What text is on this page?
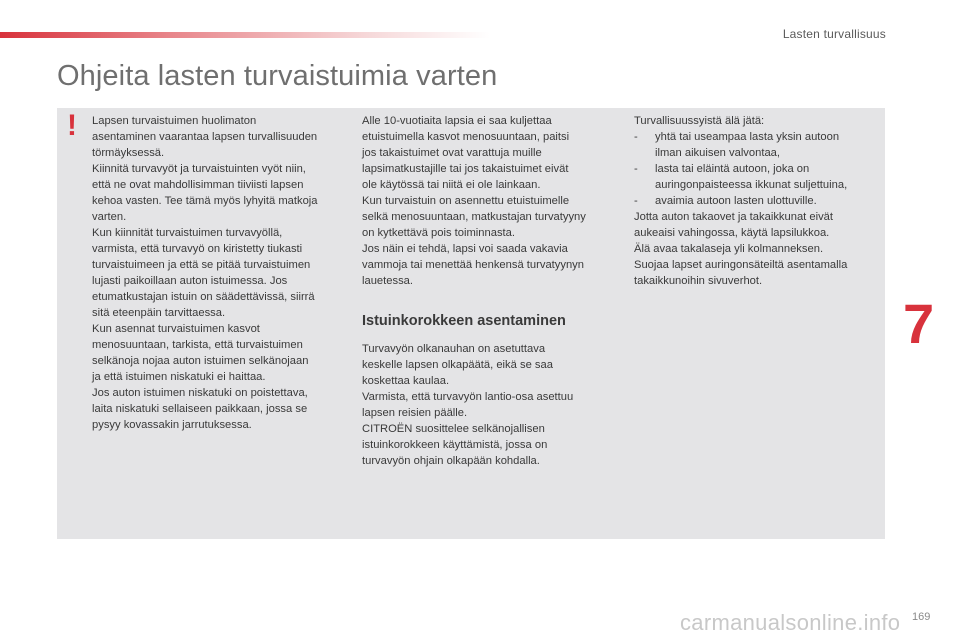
Lasten turvallisuus
Ohjeita lasten turvaistuimia varten
! Lapsen turvaistuimen huolimaton

asentaminen vaarantaa lapsen turvallisuuden

törmäyksessä.

Kiinnitä turvavyöt ja turvaistuinten vyöt niin,

että ne ovat mahdollisimman tiiviisti lapsen

kehoa vasten. Tee tämä myös lyhyitä matkoja

varten.

Kun kiinnität turvaistuimen turvavyöllä,

varmista, että turvavyö on kiristetty tiukasti

turvaistuimeen ja että se pitää turvaistuimen

lujasti paikoillaan auton istuimessa. Jos

etumatkustajan istuin on säädettävissä, siirrä

sitä eteenpäin tarvittaessa.

Kun asennat turvaistuimen kasvot

menosuuntaan, tarkista, että turvaistuimen

selkänoja nojaa auton istuimen selkänojaan

ja että istuimen niskatuki ei haittaa.

Jos auton istuimen niskatuki on poistettava,

laita niskatuki sellaiseen paikkaan, jossa se

pysyy kovassakin jarrutuksessa.

Alle 10-vuotiaita lapsia ei saa kuljettaa

etuistuimella kasvot menosuuntaan, paitsi

jos takaistuimet ovat varattuja muille

lapsimatkustajille tai jos takaistuimet eivät

ole käytössä tai niitä ei ole lainkaan.

Kun turvaistuin on asennettu etuistuimelle

selkä menosuuntaan, matkustajan turvatyyny

on kytkettävä pois toiminnasta.

Jos näin ei tehdä, lapsi voi saada vakavia

vammoja tai menettää henkensä turvatyynyn

lauetessa.

Istuinkorokkeen asentaminen

Turvavyön olkanauhan on asetuttava

keskelle lapsen olkapäätä, eikä se saa

koskettaa kaulaa.

Varmista, että turvavyön lantio-osa asettuu

lapsen reisien päälle.

CITROËN suosittelee selkänojallisen

istuinkorokkeen käyttämistä, jossa on

turvavyön ohjain olkapään kohdalla.

Turvallisuussyistä älä jätä:

- yhtä tai useampaa lasta yksin autoon

ilman aikuisen valvontaa,

- lasta tai eläintä autoon, joka on

auringonpaisteessa ikkunat suljettuina,

- avaimia autoon lasten ulottuville.

Jotta auton takaovet ja takaikkunat eivät

aukeaisi vahingossa, käytä lapsilukkoa.

Älä avaa takalaseja yli kolmanneksen.

Suojaa lapset auringonsäteiltä asentamalla

takaikkunoihin sivuverhot.

7
carmanualsonline.info 169
